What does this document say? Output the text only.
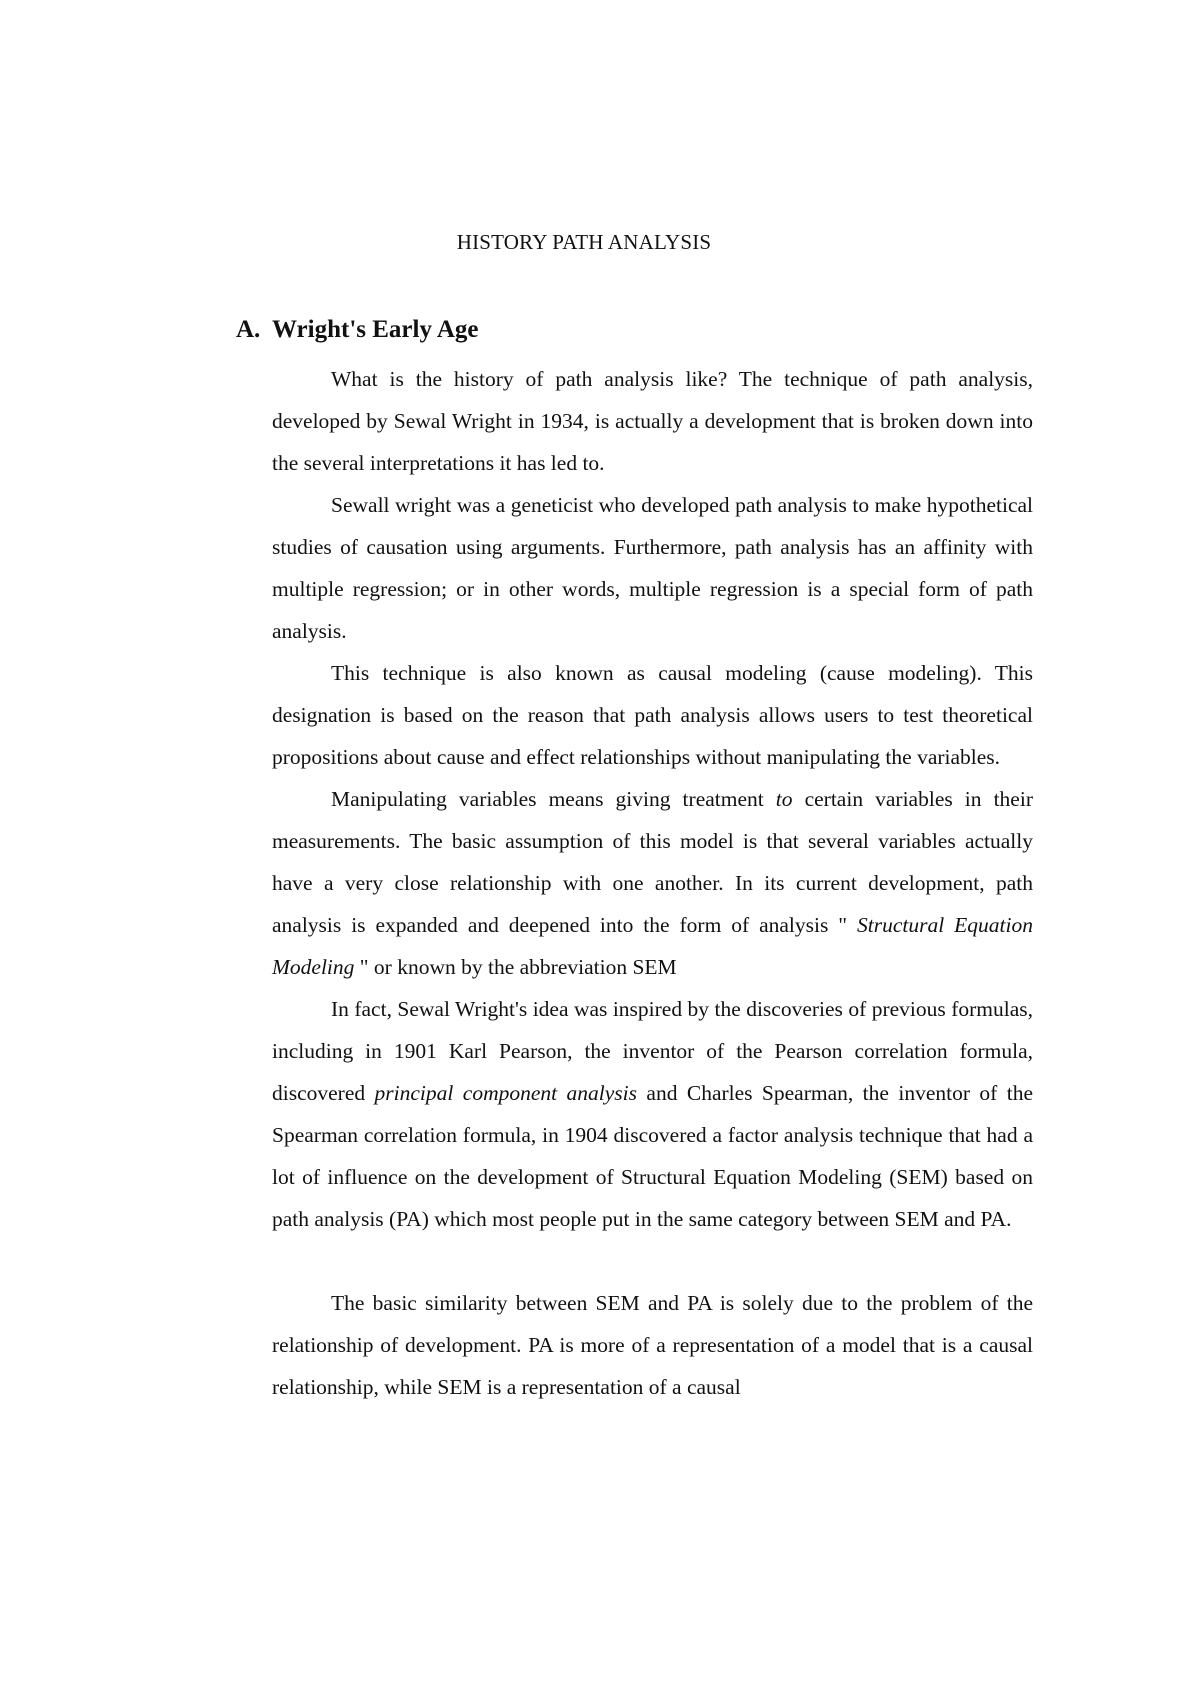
HISTORY PATH ANALYSIS
A. Wright's Early Age

What is the history of path analysis like? The technique of path analysis, developed by Sewal Wright in 1934, is actually a development that is broken down into the several interpretations it has led to.

Sewall wright was a geneticist who developed path analysis to make hypothetical studies of causation using arguments. Furthermore, path analysis has an affinity with multiple regression; or in other words, multiple regression is a special form of path analysis.

This technique is also known as causal modeling (cause modeling). This designation is based on the reason that path analysis allows users to test theoretical propositions about cause and effect relationships without manipulating the variables.

Manipulating variables means giving treatment to certain variables in their measurements. The basic assumption of this model is that several variables actually have a very close relationship with one another. In its current development, path analysis is expanded and deepened into the form of analysis " Structural Equation Modeling " or known by the abbreviation SEM

In fact, Sewal Wright's idea was inspired by the discoveries of previous formulas, including in 1901 Karl Pearson, the inventor of the Pearson correlation formula, discovered principal component analysis and Charles Spearman, the inventor of the Spearman correlation formula, in 1904 discovered a factor analysis technique that had a lot of influence on the development of Structural Equation Modeling (SEM) based on path analysis (PA) which most people put in the same category between SEM and PA.

The basic similarity between SEM and PA is solely due to the problem of the relationship of development. PA is more of a representation of a model that is a causal relationship, while SEM is a representation of a causal
